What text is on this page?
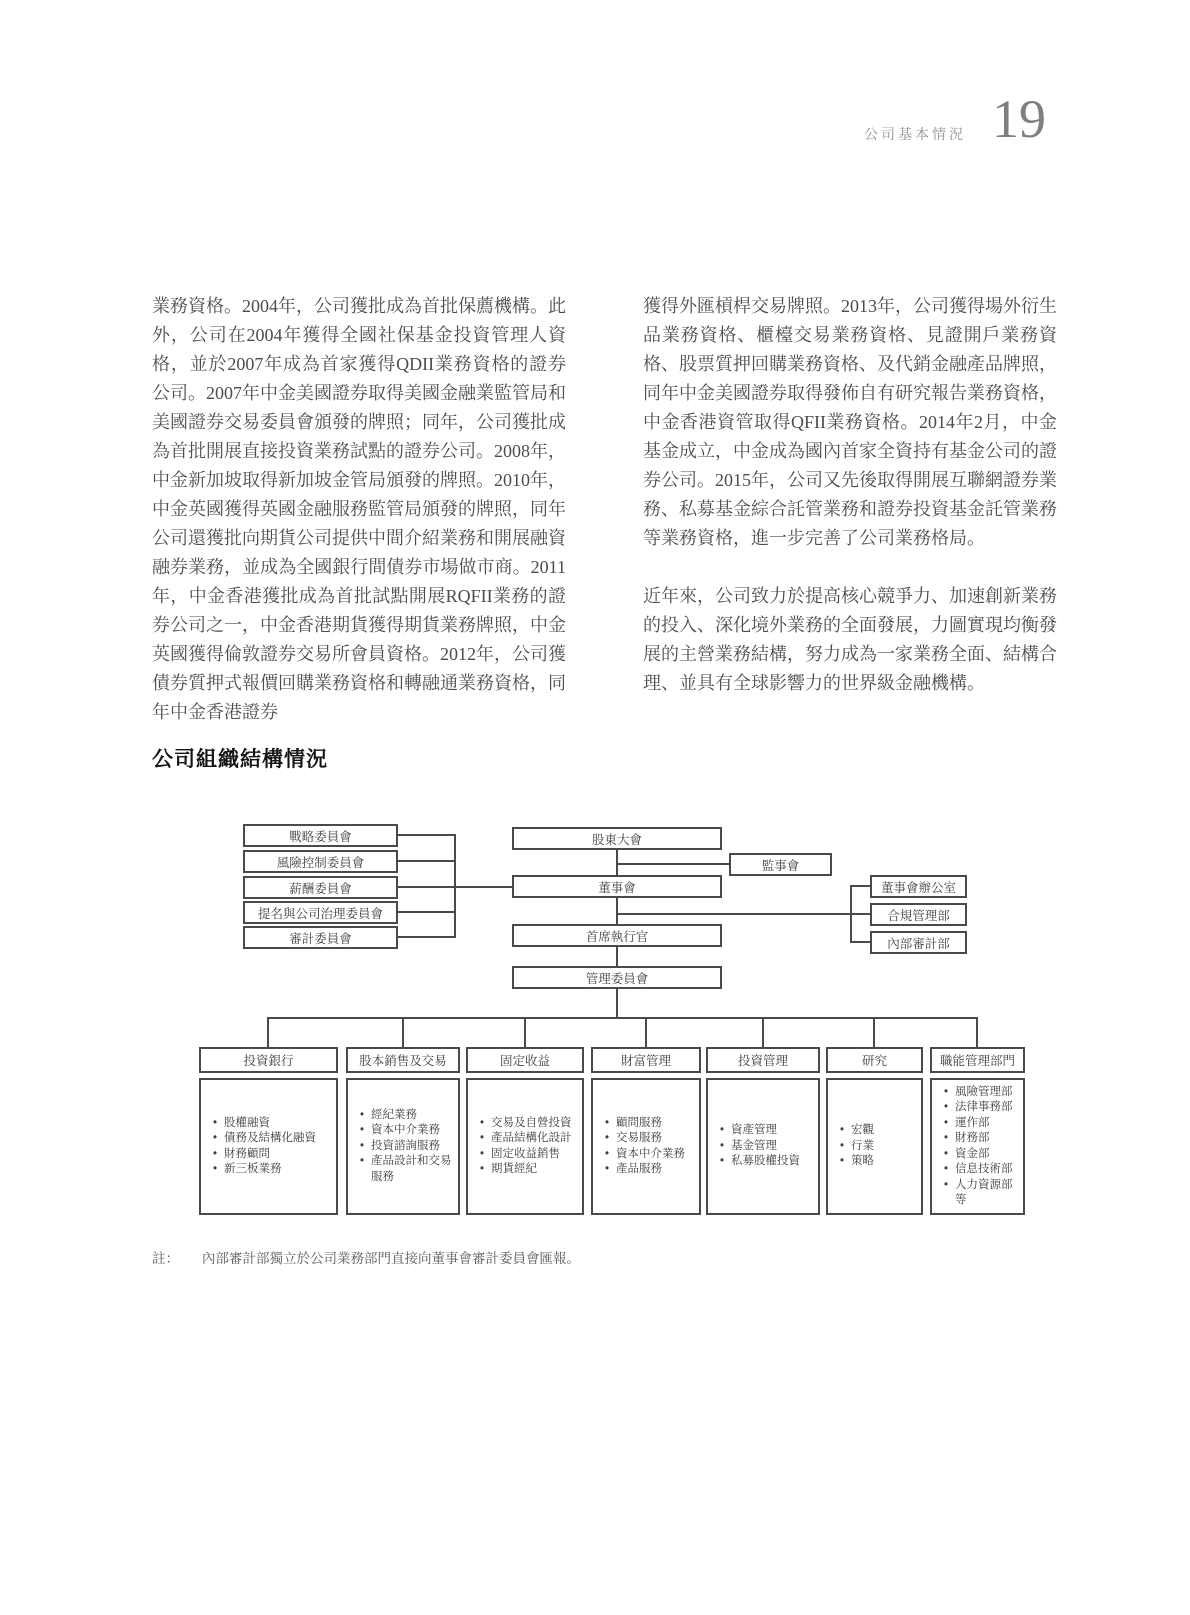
公司基本情況 19

業務資格。2004年，公司獲批成為首批保薦機構。此外，公司在2004年獲得全國社保基金投資管理人資格，並於2007年成為首家獲得QDII業務資格的證券公司。2007年中金美國證券取得美國金融業監管局和美國證券交易委員會頒發的牌照；同年，公司獲批成為首批開展直接投資業務試點的證券公司。2008年，中金新加坡取得新加坡金管局頒發的牌照。2010年，中金英國獲得英國金融服務監管局頒發的牌照，同年公司還獲批向期貨公司提供中間介紹業務和開展融資融券業務，並成為全國銀行間債券市場做市商。2011年，中金香港獲批成為首批試點開展RQFII業務的證券公司之一，中金香港期貨獲得期貨業務牌照，中金英國獲得倫敦證券交易所會員資格。2012年，公司獲債券質押式報價回購業務資格和轉融通業務資格，同年中金香港證券

獲得外匯槓桿交易牌照。2013年，公司獲得場外衍生品業務資格、櫃檯交易業務資格、見證開戶業務資格、股票質押回購業務資格、及代銷金融產品牌照，同年中金美國證券取得發佈自有研究報告業務資格，中金香港資管取得QFII業務資格。2014年2月，中金基金成立，中金成為國內首家全資持有基金公司的證券公司。2015年，公司又先後取得開展互聯網證券業務、私募基金綜合託管業務和證券投資基金託管業務等業務資格，進一步完善了公司業務格局。

近年來，公司致力於提高核心競爭力、加速創新業務的投入、深化境外業務的全面發展，力圖實現均衡發展的主營業務結構，努力成為一家業務全面、結構合理、並具有全球影響力的世界級金融機構。

公司組織結構情況
戰略委員會
風險控制委員會
薪酬委員會
提名與公司治理委員會
審計委員會
股東大會
董事會
首席執行官
管理委員會
監事會
董事會辦公室
合規管理部
內部審計部
投資銀行	股本銷售及交易	固定收益	財富管理	投資管理	研究	職能管理部門
• 股權融資
• 債務及結構化融資
• 財務顧問
• 新三板業務
• 經紀業務
• 資本中介業務
• 投資諮詢服務
• 產品設計和交易服務
• 交易及自營投資
• 產品結構化設計
• 固定收益銷售
• 期貨經紀
• 顧問服務
• 交易服務
• 資本中介業務
• 產品服務
• 資產管理
• 基金管理
• 私募股權投資
• 宏觀
• 行業
• 策略
• 風險管理部
• 法律事務部
• 運作部
• 財務部
• 資金部
• 信息技術部
• 人力資源部等
註：	內部審計部獨立於公司業務部門直接向董事會審計委員會匯報。
